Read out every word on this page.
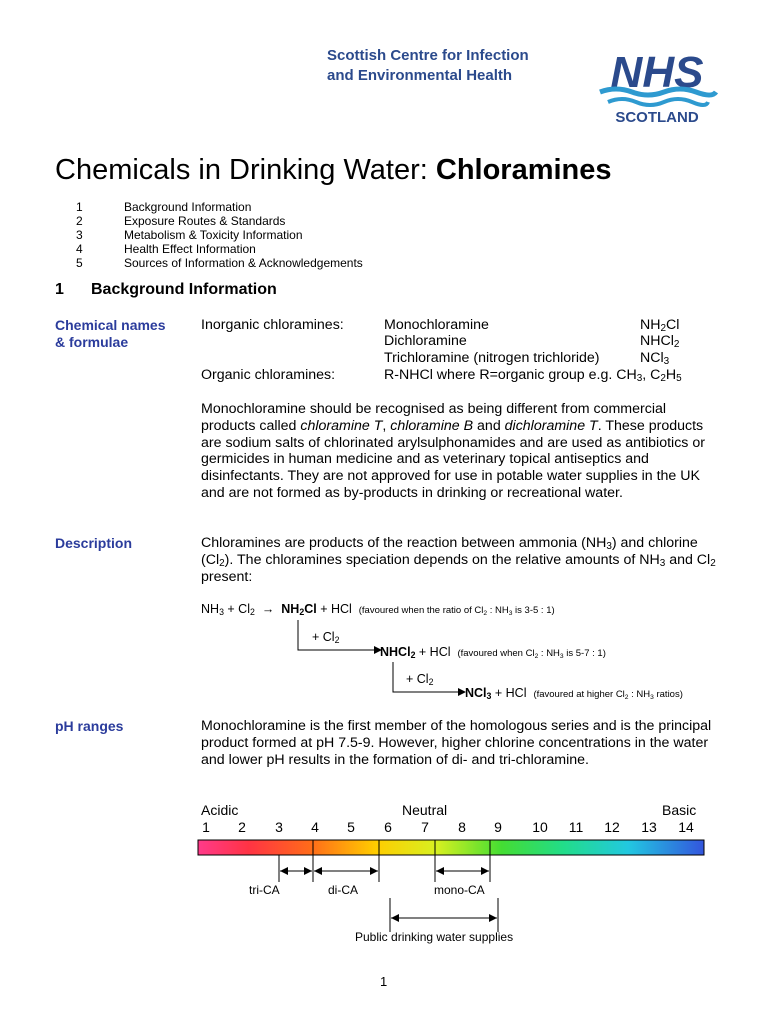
Scottish Centre for Infection
and Environmental Health	NHS
SCOTLAND
Chemicals in Drinking Water: Chloramines
1	Background Information
2	Exposure Routes & Standards
3	Metabolism & Toxicity Information
4	Health Effect Information
5	Sources of Information & Acknowledgements
1 Background Information
Chemical names
& formulae
Inorganic chloramines:	Monochloramine	$NH_2Cl$
Dichloramine	NHCl$_2$
Trichloramine (nitrogen trichloride)	NCl$_3$
Organic chloramines:	R-NHCl where R=organic group e.g. $CH_3$, $C_2H_5$
Monochloramine should be recognised as being different from commercial products called chloramine T, chloramine B and dichloramine T. These products are sodium salts of chlorinated arylsulphonamides and are used as antibiotics or germicides in human medicine and as veterinary topical antiseptics and disinfectants. They are not approved for use in potable water supplies in the UK and are not formed as by-products in drinking or recreational water.
Description	Chloramines are products of the reaction between ammonia $(NH_3)$ and chlorine $(Cl_2)$. The chloramines speciation depends on the relative amounts of $NH_3$ and $Cl_2$ present:
$NH_3 + Cl_2 \to NH_2Cl$ + HCl  (favoured when the ratio of $Cl_2$ : $NH_3$ is 3-5 : 1)
+ $Cl_2$
NHCl$_2$ + HCl  (favoured when $Cl_2$ : $NH_3$ is 5-7 : 1)
+ $Cl_2$
NCl$_3$ + HCl  (favoured at higher $Cl_2$ : $NH_3$ ratios)
pH ranges	Monochloramine is the first member of the homologous series and is the principal product formed at pH 7.5-9. However, higher chlorine concentrations in the water and lower pH results in the formation of di- and tri-chloramine.
Acidic	Neutral	Basic
1 2 3 4 5 6 7 8 9 10 11 12 13 14
tri-CA	di-CA	mono-CA
Public drinking water supplies
1
